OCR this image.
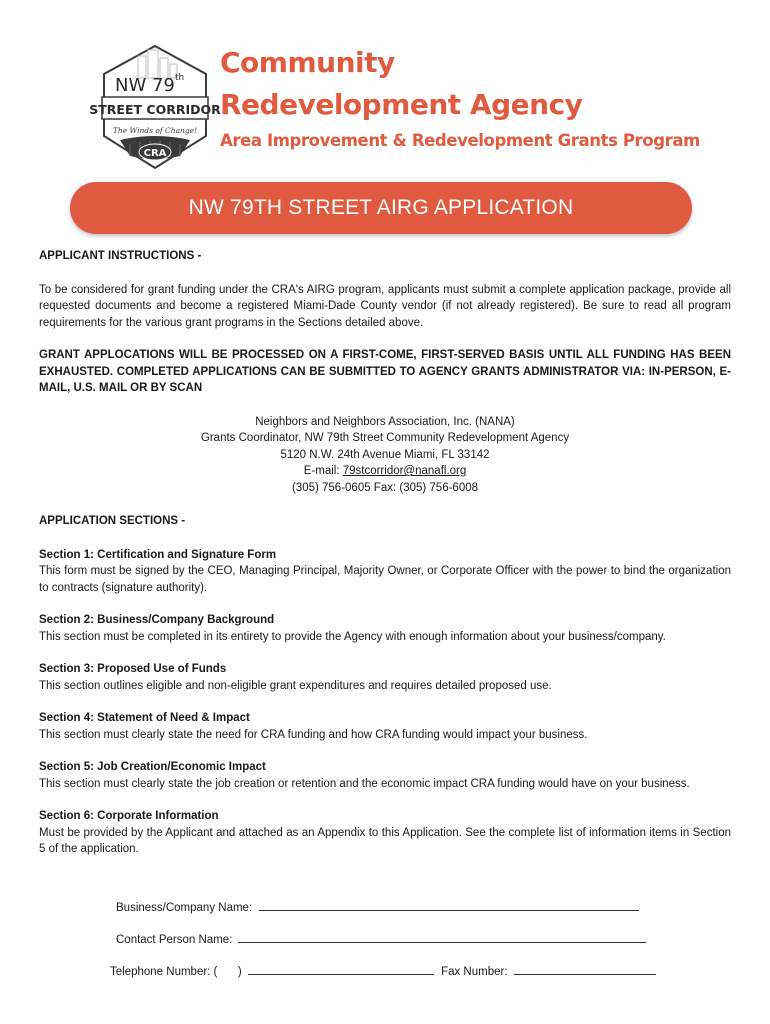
NW 79 th
STREET CORRIDOR
The Winds of Change!
CRA
Community
Redevelopment Agency

Area Improvement & Redevelopment Grants Program

NW 79TH STREET AIRG APPLICATION

APPLICANT INSTRUCTIONS -

To be considered for grant funding under the CRA's AIRG program, applicants must submit a complete application package, provide all requested documents and become a registered Miami-Dade County vendor (if not already registered). Be sure to read all program requirements for the various grant programs in the Sections detailed above.

GRANT APPLOCATIONS WILL BE PROCESSED ON A FIRST-COME, FIRST-SERVED BASIS UNTIL ALL FUNDING HAS BEEN EXHAUSTED. COMPLETED APPLICATIONS CAN BE SUBMITTED TO AGENCY GRANTS ADMINISTRATOR VIA: IN-PERSON, E-MAIL, U.S. MAIL OR BY SCAN

Neighbors and Neighbors Association, Inc. (NANA)

Grants Coordinator, NW 79th Street Community Redevelopment Agency

5120 N.W. 24th Avenue Miami, FL 33142

E-mail: 79stcorridor@nanafl.org

(305) 756-0605 Fax: (305) 756-6008

APPLICATION SECTIONS -

Section 1: Certification and Signature Form

This form must be signed by the CEO, Managing Principal, Majority Owner, or Corporate Officer with the power to bind the organization to contracts (signature authority).

Section 2: Business/Company Background

This section must be completed in its entirety to provide the Agency with enough information about your business/company.

Section 3: Proposed Use of Funds

This section outlines eligible and non-eligible grant expenditures and requires detailed proposed use.

Section 4: Statement of Need & Impact

This section must clearly state the need for CRA funding and how CRA funding would impact your business.

Section 5: Job Creation/Economic Impact

This section must clearly state the job creation or retention and the economic impact CRA funding would have on your business.

Section 6: Corporate Information

Must be provided by the Applicant and attached as an Appendix to this Application. See the complete list of information items in Section 5 of the application.

Business/Company Name:
Contact Person Name:
Telephone Number: ( )	Fax Number:
